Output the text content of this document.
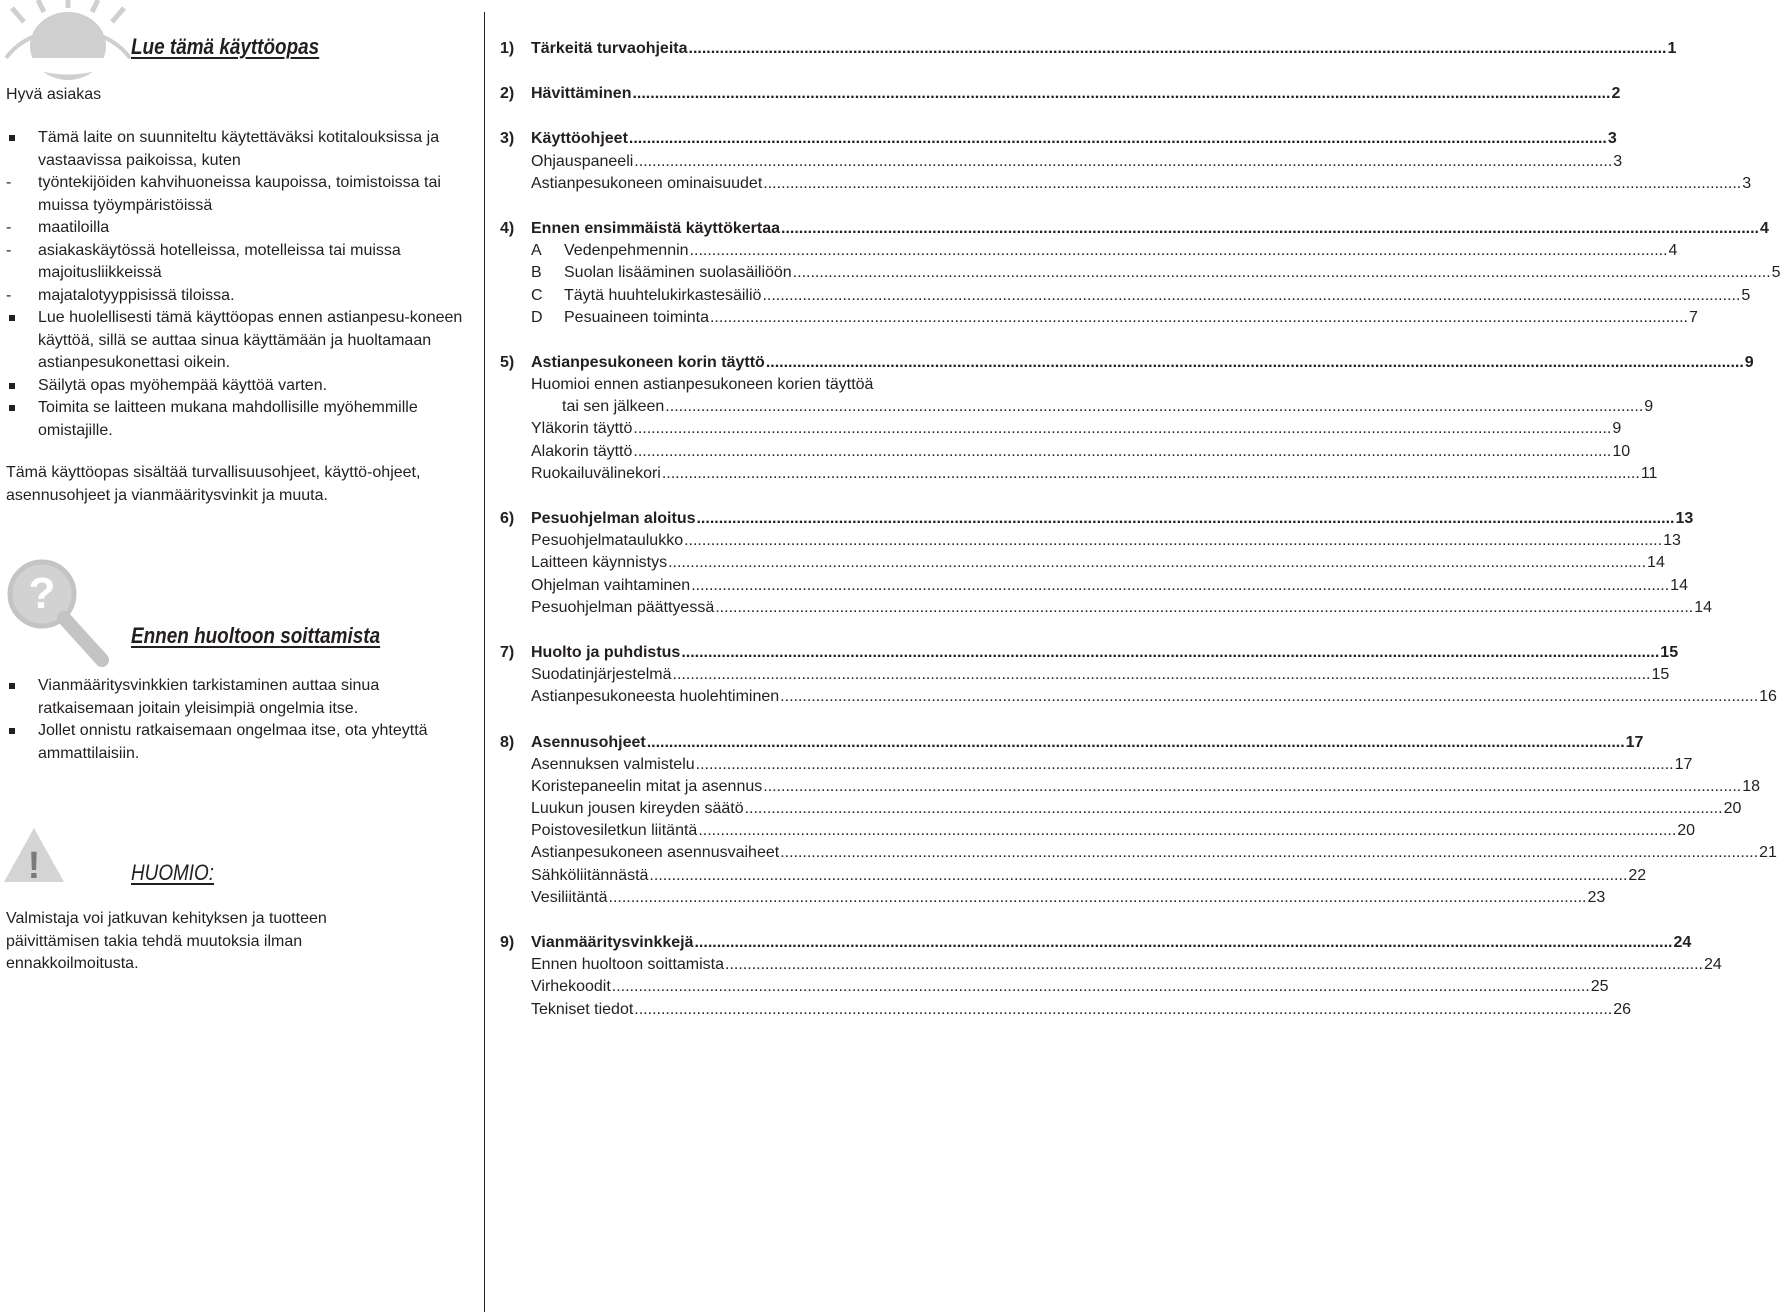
Lue tämä käyttöopas
Hyvä asiakas
Tämä laite on suunniteltu käytettäväksi kotitalouksissa ja vastaavissa paikoissa, kuten
- työntekijöiden kahvihuoneissa kaupoissa, toimistoissa tai muissa työympäristöissä
- maatiloilla
- asiakaskäytössä hotelleissa, motelleissa tai muissa majoitusliikkeissä
- majatalotyyppisissä tiloissa.
Lue huolellisesti tämä käyttöopas ennen astianpesu-koneen käyttöä, sillä se auttaa sinua käyttämään ja huoltamaan astianpesukonettasi oikein.
Säilytä opas myöhempää käyttöä varten.
Toimita se laitteen mukana mahdollisille myöhemmille omistajille.
Tämä käyttöopas sisältää turvallisuusohjeet, käyttö-ohjeet, asennusohjeet ja vianmääritysvinkit ja muuta.
?
Ennen huoltoon soittamista
Vianmääritysvinkkien tarkistaminen auttaa sinua ratkaisemaan joitain yleisimpiä ongelmia itse.
Jollet onnistu ratkaisemaan ongelmaa itse, ota yhteyttä ammattilaisiin.
!	HUOMIO:
Valmistaja voi jatkuvan kehityksen ja tuotteen päivittämisen takia tehdä muutoksia ilman ennakkoilmoitusta.
1)	Tärkeitä turvaohjeita ............................................................................................................................................................................................................................ 1
2)	Hävittäminen ............................................................................................................................................................................................................................ 2
3)	Käyttöohjeet ............................................................................................................................................................................................................................ 3
Ohjauspaneeli ............................................................................................................................................................................................................................ 3
Astianpesukoneen ominaisuudet ............................................................................................................................................................................................................................ 3
4)	Ennen ensimmäistä käyttökertaa ............................................................................................................................................................................................................................ 4
A	Vedenpehmennin ............................................................................................................................................................................................................................ 4
B	Suolan lisääminen suolasäiliöön ............................................................................................................................................................................................................................ 5
C	Täytä huuhtelukirkastesäiliö ............................................................................................................................................................................................................................ 5
D	Pesuaineen toiminta ............................................................................................................................................................................................................................ 7
5)	Astianpesukoneen korin täyttö ............................................................................................................................................................................................................................ 9
Huomioi ennen astianpesukoneen korien täyttöä
tai sen jälkeen ............................................................................................................................................................................................................................ 9
Yläkorin täyttö ............................................................................................................................................................................................................................ 9
Alakorin täyttö ............................................................................................................................................................................................................................ 10
Ruokailuvälinekori ............................................................................................................................................................................................................................ 11
6)	Pesuohjelman aloitus ............................................................................................................................................................................................................................ 13
Pesuohjelmataulukko ............................................................................................................................................................................................................................ 13
Laitteen käynnistys ............................................................................................................................................................................................................................ 14
Ohjelman vaihtaminen ............................................................................................................................................................................................................................ 14
Pesuohjelman päättyessä ............................................................................................................................................................................................................................ 14
7)	Huolto ja puhdistus ............................................................................................................................................................................................................................ 15
Suodatinjärjestelmä ............................................................................................................................................................................................................................ 15
Astianpesukoneesta huolehtiminen ............................................................................................................................................................................................................................ 16
8)	Asennusohjeet ............................................................................................................................................................................................................................ 17
Asennuksen valmistelu ............................................................................................................................................................................................................................ 17
Koristepaneelin mitat ja asennus ............................................................................................................................................................................................................................ 18
Luukun jousen kireyden säätö ............................................................................................................................................................................................................................ 20
Poistovesiletkun liitäntä ............................................................................................................................................................................................................................ 20
Astianpesukoneen asennusvaiheet ............................................................................................................................................................................................................................ 21
Sähköliitännästä ............................................................................................................................................................................................................................ 22
Vesiliitäntä ............................................................................................................................................................................................................................ 23
9)	Vianmääritysvinkkejä ............................................................................................................................................................................................................................ 24
Ennen huoltoon soittamista ............................................................................................................................................................................................................................ 24
Virhekoodit ............................................................................................................................................................................................................................ 25
Tekniset tiedot ............................................................................................................................................................................................................................ 26
